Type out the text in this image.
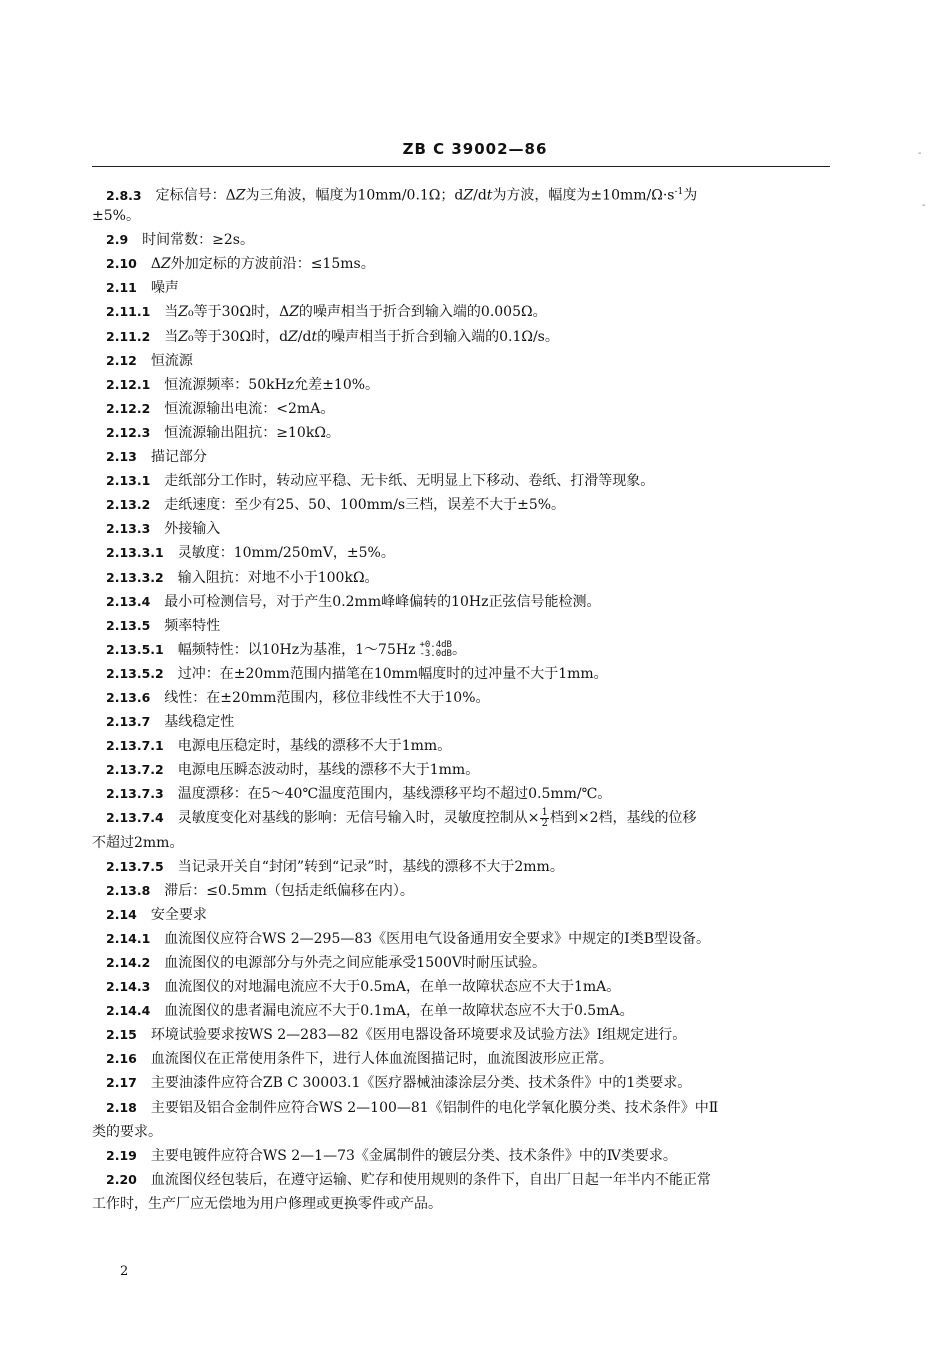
ZB C 39002—86
2.8.3 定标信号：ΔZ为三角波，幅度为10mm/0.1Ω；dZ/dt为方波，幅度为$\pm 10mm/\Omega\cdot s^{-1}$为
±5%。
2.9 时间常数：≥2s。
2.10 ΔZ外加定标的方波前沿：≤15ms。
2.11 噪声
2.11.1 当Z₀等于30Ω时，ΔZ的噪声相当于折合到输入端的0.005Ω。
2.11.2 当Z₀等于30Ω时，dZ/dt的噪声相当于折合到输入端的0.1Ω/s。
2.12 恒流源
2.12.1 恒流源频率：50kHz允差±10%。
2.12.2 恒流源输出电流：<2mA。
2.12.3 恒流源输出阻抗：≥10kΩ。
2.13 描记部分
2.13.1 走纸部分工作时，转动应平稳、无卡纸、无明显上下移动、卷纸、打滑等现象。
2.13.2 走纸速度：至少有25、50、100mm/s三档，误差不大于±5%。
2.13.3 外接输入
2.13.3.1 灵敏度：10mm/250mV，±5%。
2.13.3.2 输入阻抗：对地不小于100kΩ。
2.13.4 最小可检测信号，对于产生0.2mm峰峰偏转的10Hz正弦信号能检测。
2.13.5 频率特性
2.13.5.1 幅频特性：以10Hz为基准，1～75Hz +0.4dB
-3.0dB 。
2.13.5.2 过冲：在±20mm范围内描笔在10mm幅度时的过冲量不大于1mm。
2.13.6 线性：在±20mm范围内，移位非线性不大于10%。
2.13.7 基线稳定性
2.13.7.1 电源电压稳定时，基线的漂移不大于1mm。
2.13.7.2 电源电压瞬态波动时，基线的漂移不大于1mm。
2.13.7.3 温度漂移：在5～40℃温度范围内，基线漂移平均不超过0.5mm/℃。
2.13.7.4 灵敏度变化对基线的影响：无信号输入时，灵敏度控制从× $\frac{1}{2}$ 档到×2档，基线的位移
不超过2mm。
2.13.7.5 当记录开关自“封闭”转到“记录”时，基线的漂移不大于2mm。
2.13.8 滞后：≤0.5mm（包括走纸偏移在内）。
2.14 安全要求
2.14.1 血流图仪应符合WS 2—295—83《医用电气设备通用安全要求》中规定的Ⅰ类B型设备。
2.14.2 血流图仪的电源部分与外壳之间应能承受1500V时耐压试验。
2.14.3 血流图仪的对地漏电流应不大于0.5mA，在单一故障状态应不大于1mA。
2.14.4 血流图仪的患者漏电流应不大于0.1mA，在单一故障状态应不大于0.5mA。
2.15 环境试验要求按WS 2—283—82《医用电器设备环境要求及试验方法》Ⅰ组规定进行。
2.16 血流图仪在正常使用条件下，进行人体血流图描记时，血流图波形应正常。
2.17 主要油漆件应符合ZB C 30003.1《医疗器械油漆涂层分类、技术条件》中的1类要求。
2.18 主要铝及铝合金制件应符合WS 2—100—81《铝制件的电化学氧化膜分类、技术条件》中Ⅱ
类的要求。
2.19 主要电镀件应符合WS 2—1—73《金属制件的镀层分类、技术条件》中的Ⅳ类要求。
2.20 血流图仪经包装后，在遵守运输、贮存和使用规则的条件下，自出厂日起一年半内不能正常
工作时，生产厂应无偿地为用户修理或更换零件或产品。
2
-
-
